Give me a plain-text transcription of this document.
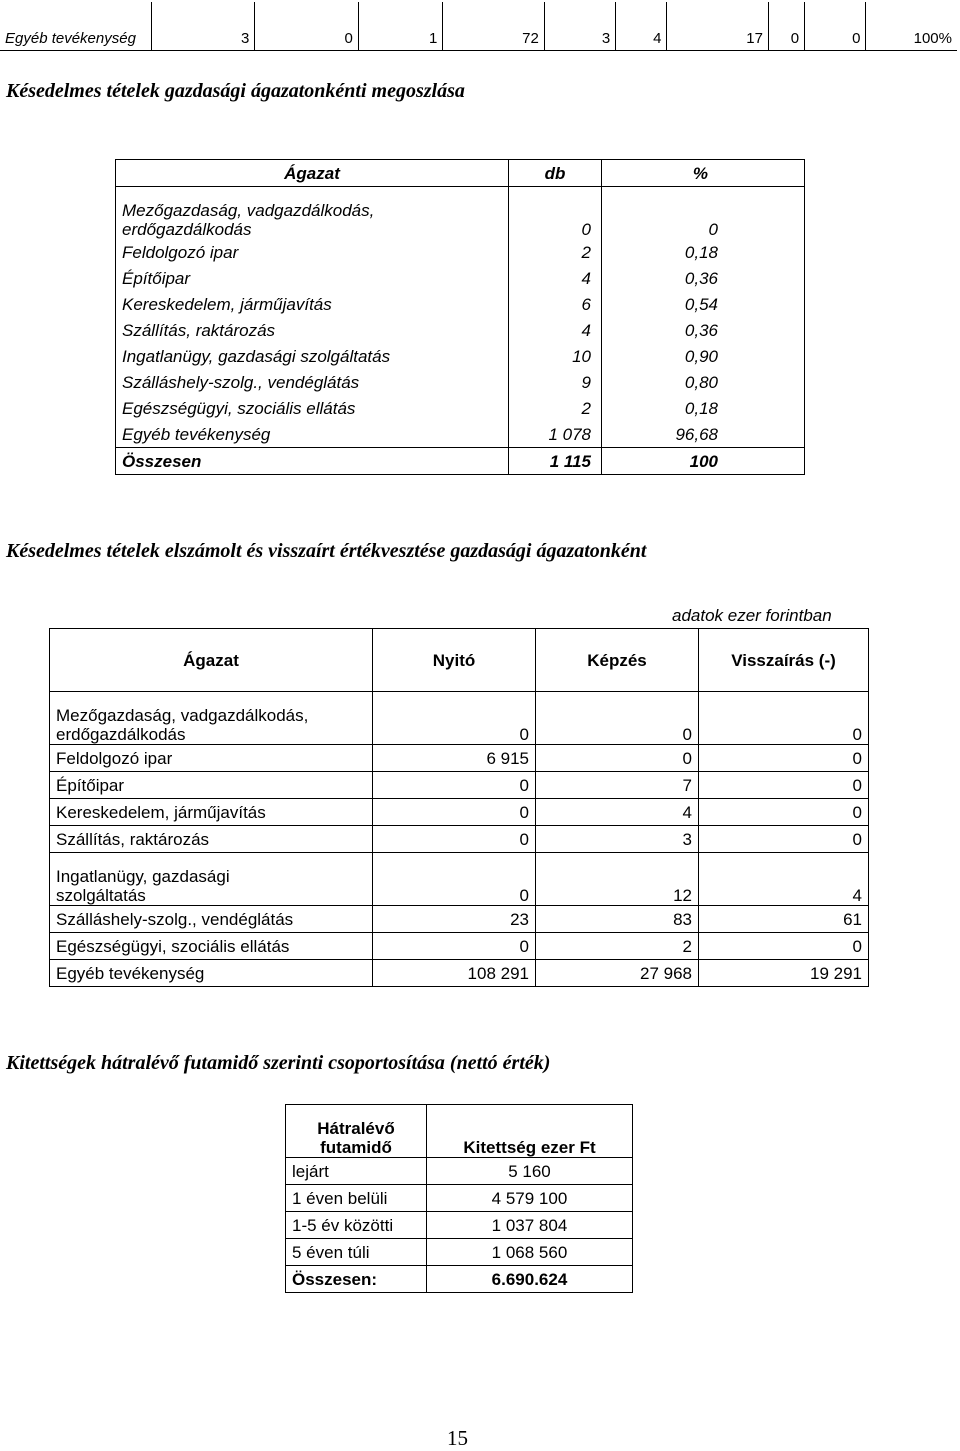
Egyéb tevékenység	3	0	1	72	3	4	17	0	0	100%

Késedelmes tételek gazdasági ágazatonkénti megoszlása

Ágazat	db	%
Mezőgazdaság, vadgazdálkodás, erdőgazdálkodás	0	0
Feldolgozó ipar	2	0,18
Építőipar	4	0,36
Kereskedelem, járműjavítás	6	0,54
Szállítás, raktározás	4	0,36
Ingatlanügy, gazdasági szolgáltatás	10	0,90
Szálláshely-szolg., vendéglátás	9	0,80
Egészségügyi, szociális ellátás	2	0,18
Egyéb tevékenység	1 078	96,68
Összesen	1 115	100

Késedelmes tételek elszámolt és visszaírt értékvesztése gazdasági ágazatonként

adatok ezer forintban

Ágazat	Nyitó	Képzés	Visszaírás (-)
Mezőgazdaság, vadgazdálkodás, erdőgazdálkodás	0	0	0
Feldolgozó ipar	6 915	0	0
Építőipar	0	7	0
Kereskedelem, járműjavítás	0	4	0
Szállítás, raktározás	0	3	0
Ingatlanügy, gazdasági szolgáltatás	0	12	4
Szálláshely-szolg., vendéglátás	23	83	61
Egészségügyi, szociális ellátás	0	2	0
Egyéb tevékenység	108 291	27 968	19 291

Kitettségek hátralévő futamidő szerinti csoportosítása (nettó érték)

Hátralévő futamidő	Kitettség ezer Ft
lejárt	5 160
1 éven belüli	4 579 100
1-5 év közötti	1 037 804
5 éven túli	1 068 560
Összesen:	6.690.624

15
